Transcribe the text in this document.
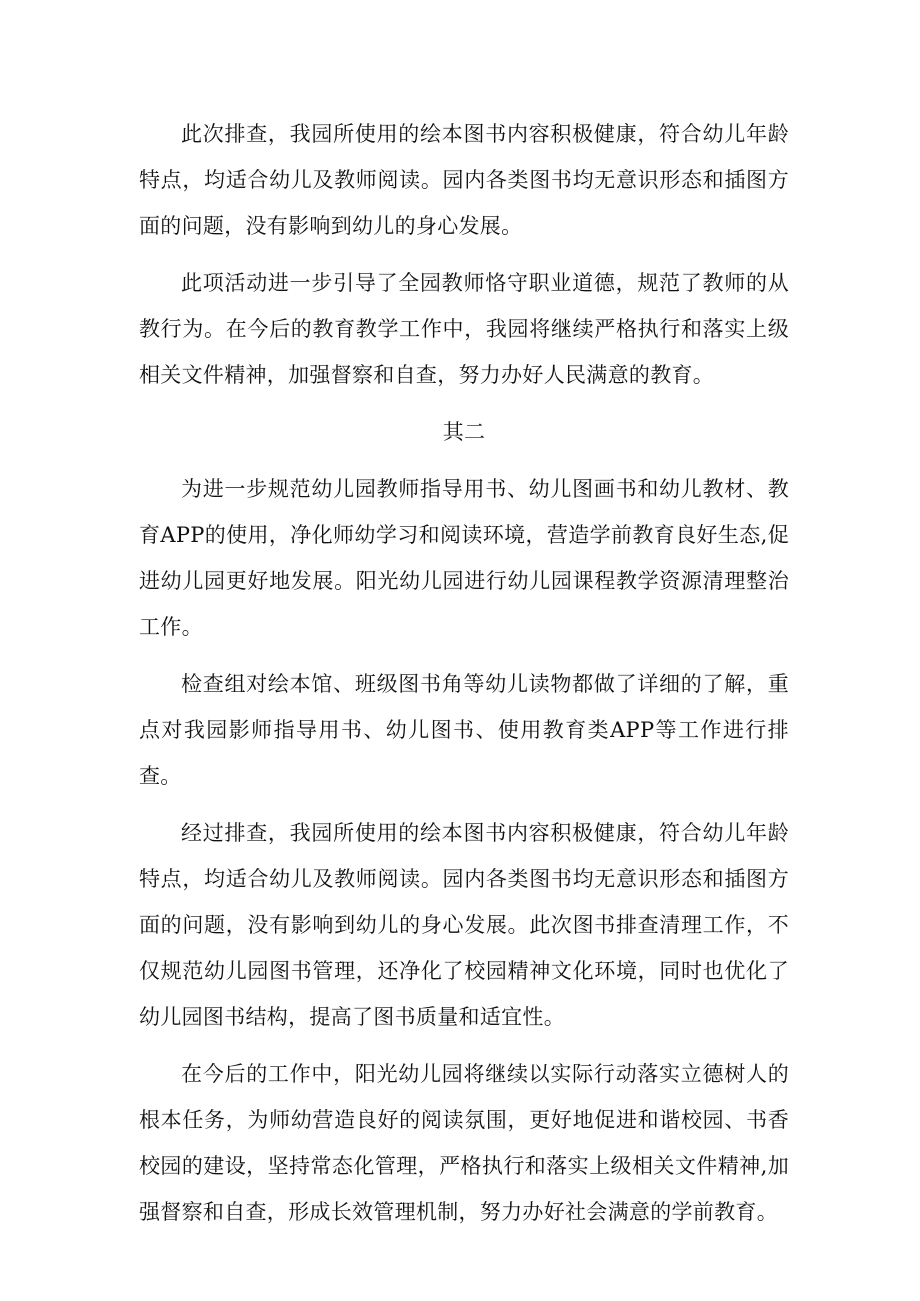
此次排查，我园所使用的绘本图书内容积极健康，符合幼儿年龄特点，均适合幼儿及教师阅读。园内各类图书均无意识形态和插图方面的问题，没有影响到幼儿的身心发展。

此项活动进一步引导了全园教师恪守职业道德，规范了教师的从教行为。在今后的教育教学工作中，我园将继续严格执行和落实上级相关文件精神，加强督察和自查，努力办好人民满意的教育。

其二

为进一步规范幼儿园教师指导用书、幼儿图画书和幼儿教材、教育APP的使用，净化师幼学习和阅读环境，营造学前教育良好生态,促进幼儿园更好地发展。阳光幼儿园进行幼儿园课程教学资源清理整治工作。

检查组对绘本馆、班级图书角等幼儿读物都做了详细的了解，重点对我园影师指导用书、幼儿图书、使用教育类APP等工作进行排查。

经过排查，我园所使用的绘本图书内容积极健康，符合幼儿年龄特点，均适合幼儿及教师阅读。园内各类图书均无意识形态和插图方面的问题，没有影响到幼儿的身心发展。此次图书排查清理工作，不仅规范幼儿园图书管理，还净化了校园精神文化环境，同时也优化了幼儿园图书结构，提高了图书质量和适宜性。

在今后的工作中，阳光幼儿园将继续以实际行动落实立德树人的根本任务，为师幼营造良好的阅读氛围，更好地促进和谐校园、书香校园的建设，坚持常态化管理，严格执行和落实上级相关文件精神,加强督察和自查，形成长效管理机制，努力办好社会满意的学前教育。
